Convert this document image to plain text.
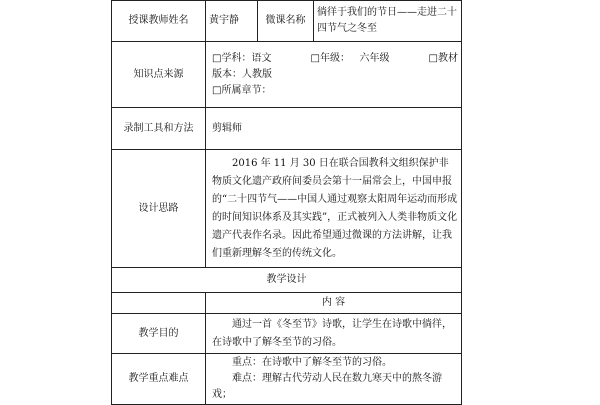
授课教师姓名	黄宇静	微课名称	徜徉于我们的节日——走进二十四节气之冬至
知识点来源	□学科：语文 □年级： 六年级 □教材
版本：人教版
□所属章节：		

录制工具和方法	剪辑师		
设计思路	2016 年 11 月 30 日在联合国教科文组织保护非物质文化遗产政府间委员会第十一届常会上，中国申报的“二十四节气——中国人通过观察太阳周年运动而形成的时间知识体系及其实践”，正式被列入人类非物质文化遗产代表作名录。因此希望通过微课的方法讲解，让我们重新理解冬至的传统文化。		

教学设计			
	内 容		
教学目的	通过一首《冬至节》诗歌，让学生在诗歌中徜徉，在诗歌中了解冬至节的习俗。		

教学重点难点	重点：在诗歌中了解冬至节的习俗。
难点：理解古代劳动人民在数九寒天中的熬冬游戏；		
